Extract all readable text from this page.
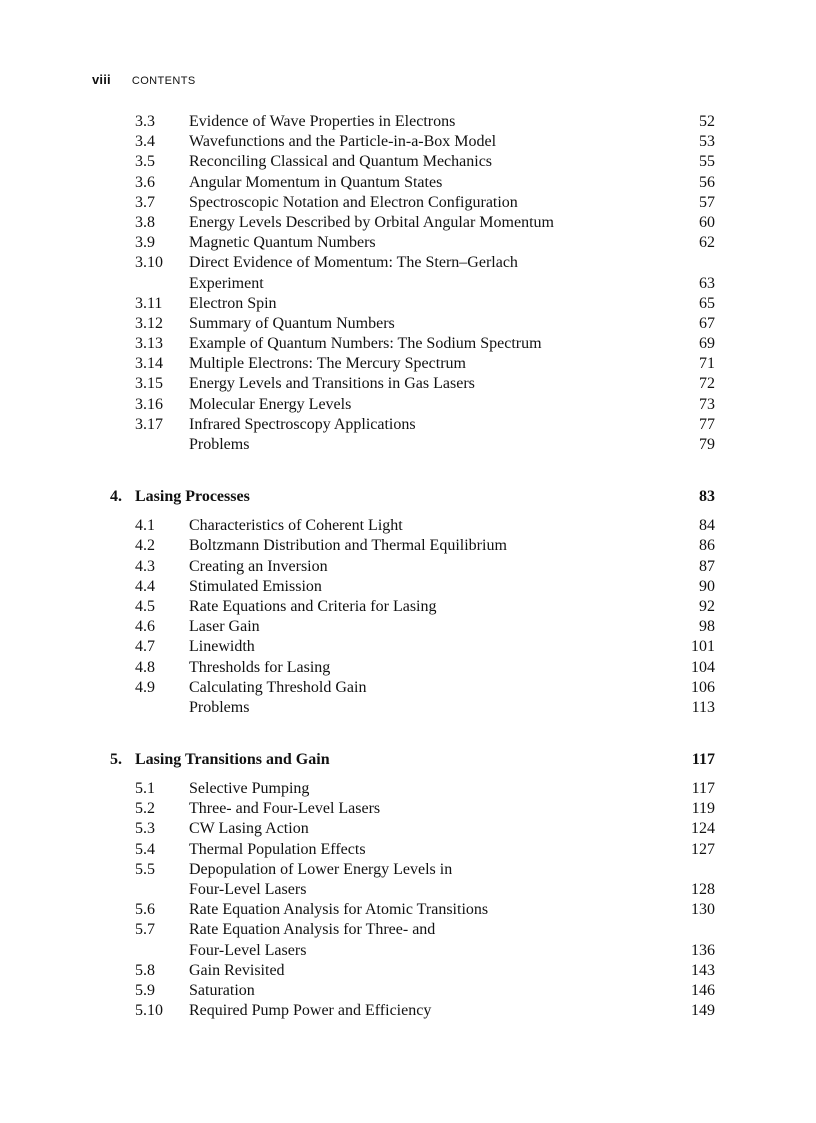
viii CONTENTS
3.3 Evidence of Wave Properties in Electrons	52
3.4 Wavefunctions and the Particle-in-a-Box Model	53
3.5 Reconciling Classical and Quantum Mechanics	55
3.6 Angular Momentum in Quantum States	56
3.7 Spectroscopic Notation and Electron Configuration	57
3.8 Energy Levels Described by Orbital Angular Momentum	60
3.9 Magnetic Quantum Numbers	62
3.10 Direct Evidence of Momentum: The Stern–Gerlach
Experiment	63
3.11 Electron Spin	65
3.12 Summary of Quantum Numbers	67
3.13 Example of Quantum Numbers: The Sodium Spectrum	69
3.14 Multiple Electrons: The Mercury Spectrum	71
3.15 Energy Levels and Transitions in Gas Lasers	72
3.16 Molecular Energy Levels	73
3.17 Infrared Spectroscopy Applications	77
Problems	79
4. Lasing Processes	83
4.1 Characteristics of Coherent Light	84
4.2 Boltzmann Distribution and Thermal Equilibrium	86
4.3 Creating an Inversion	87
4.4 Stimulated Emission	90
4.5 Rate Equations and Criteria for Lasing	92
4.6 Laser Gain	98
4.7 Linewidth	101
4.8 Thresholds for Lasing	104
4.9 Calculating Threshold Gain	106
Problems	113
5. Lasing Transitions and Gain	117
5.1 Selective Pumping	117
5.2 Three- and Four-Level Lasers	119
5.3 CW Lasing Action	124
5.4 Thermal Population Effects	127
5.5 Depopulation of Lower Energy Levels in
Four-Level Lasers	128
5.6 Rate Equation Analysis for Atomic Transitions	130
5.7 Rate Equation Analysis for Three- and
Four-Level Lasers	136
5.8 Gain Revisited	143
5.9 Saturation	146
5.10 Required Pump Power and Efficiency	149
